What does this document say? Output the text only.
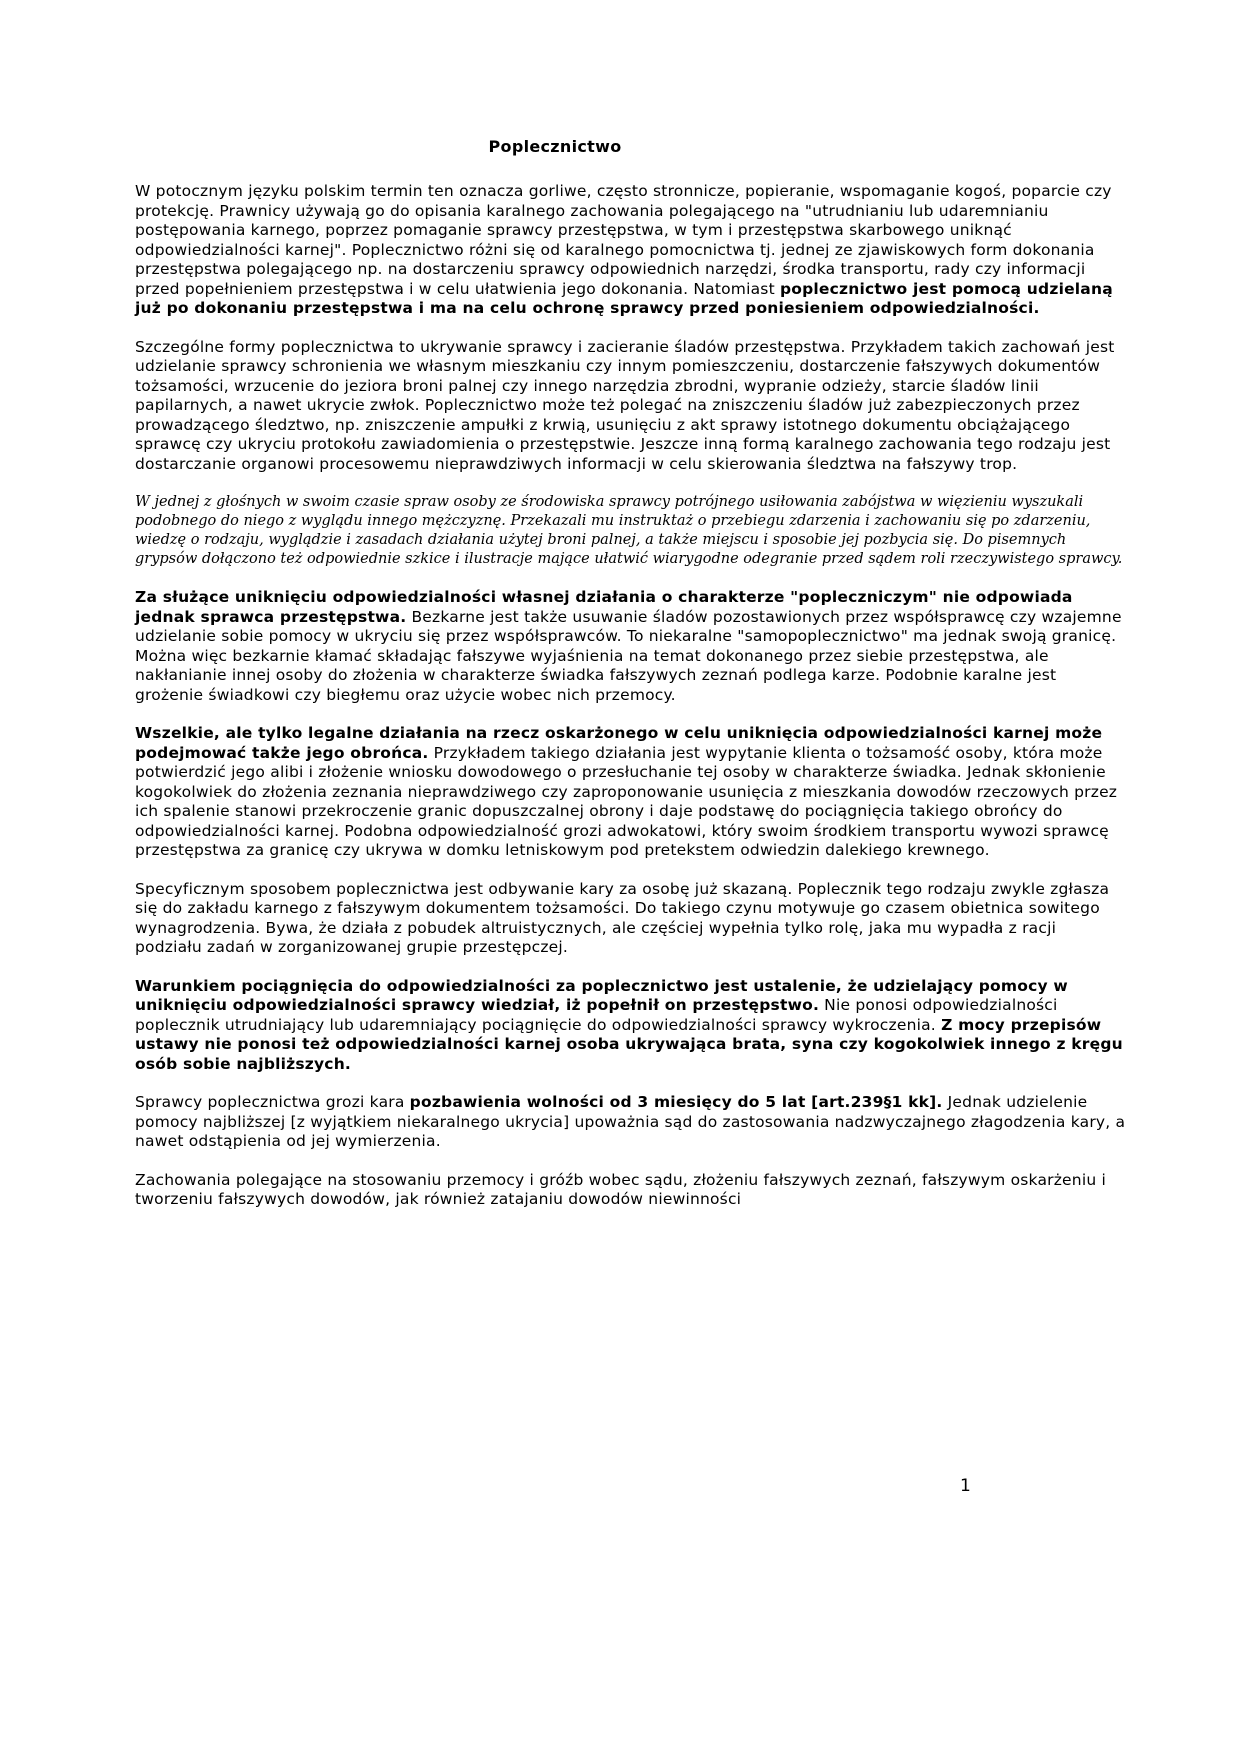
Poplecznictwo

W potocznym języku polskim termin ten oznacza gorliwe, często stronnicze, popieranie, wspomaganie kogoś, poparcie czy protekcję. Prawnicy używają go do opisania karalnego zachowania polegającego na "utrudnianiu lub udaremnianiu postępowania karnego, poprzez pomaganie sprawcy przestępstwa, w tym i przestępstwa skarbowego uniknąć odpowiedzialności karnej". Poplecznictwo różni się od karalnego pomocnictwa tj. jednej ze zjawiskowych form dokonania przestępstwa polegającego np. na dostarczeniu sprawcy odpowiednich narzędzi, środka transportu, rady czy informacji przed popełnieniem przestępstwa i w celu ułatwienia jego dokonania. Natomiast poplecznictwo jest pomocą udzielaną już po dokonaniu przestępstwa i ma na celu ochronę sprawcy przed poniesieniem odpowiedzialności.

Szczególne formy poplecznictwa to ukrywanie sprawcy i zacieranie śladów przestępstwa. Przykładem takich zachowań jest udzielanie sprawcy schronienia we własnym mieszkaniu czy innym pomieszczeniu, dostarczenie fałszywych dokumentów tożsamości, wrzucenie do jeziora broni palnej czy innego narzędzia zbrodni, wypranie odzieży, starcie śladów linii papilarnych, a nawet ukrycie zwłok. Poplecznictwo może też polegać na zniszczeniu śladów już zabezpieczonych przez prowadzącego śledztwo, np. zniszczenie ampułki z krwią, usunięciu z akt sprawy istotnego dokumentu obciążającego sprawcę czy ukryciu protokołu zawiadomienia o przestępstwie. Jeszcze inną formą karalnego zachowania tego rodzaju jest dostarczanie organowi procesowemu nieprawdziwych informacji w celu skierowania śledztwa na fałszywy trop.

W jednej z głośnych w swoim czasie spraw osoby ze środowiska sprawcy potrójnego usiłowania zabójstwa w więzieniu wyszukali podobnego do niego z wyglądu innego mężczyznę. Przekazali mu instruktaż o przebiegu zdarzenia i zachowaniu się po zdarzeniu, wiedzę o rodzaju, wyglądzie i zasadach działania użytej broni palnej, a także miejscu i sposobie jej pozbycia się. Do pisemnych grypsów dołączono też odpowiednie szkice i ilustracje mające ułatwić wiarygodne odegranie przed sądem roli rzeczywistego sprawcy.

Za służące uniknięciu odpowiedzialności własnej działania o charakterze "popleczniczym" nie odpowiada jednak sprawca przestępstwa. Bezkarne jest także usuwanie śladów pozostawionych przez współsprawcę czy wzajemne udzielanie sobie pomocy w ukryciu się przez współsprawców. To niekaralne "samopoplecznictwo" ma jednak swoją granicę. Można więc bezkarnie kłamać składając fałszywe wyjaśnienia na temat dokonanego przez siebie przestępstwa, ale nakłanianie innej osoby do złożenia w charakterze świadka fałszywych zeznań podlega karze. Podobnie karalne jest grożenie świadkowi czy biegłemu oraz użycie wobec nich przemocy.

Wszelkie, ale tylko legalne działania na rzecz oskarżonego w celu uniknięcia odpowiedzialności karnej może podejmować także jego obrońca. Przykładem takiego działania jest wypytanie klienta o tożsamość osoby, która może potwierdzić jego alibi i złożenie wniosku dowodowego o przesłuchanie tej osoby w charakterze świadka. Jednak skłonienie kogokolwiek do złożenia zeznania nieprawdziwego czy zaproponowanie usunięcia z mieszkania dowodów rzeczowych przez ich spalenie stanowi przekroczenie granic dopuszczalnej obrony i daje podstawę do pociągnięcia takiego obrońcy do odpowiedzialności karnej. Podobna odpowiedzialność grozi adwokatowi, który swoim środkiem transportu wywozi sprawcę przestępstwa za granicę czy ukrywa w domku letniskowym pod pretekstem odwiedzin dalekiego krewnego.

Specyficznym sposobem poplecznictwa jest odbywanie kary za osobę już skazaną. Poplecznik tego rodzaju zwykle zgłasza się do zakładu karnego z fałszywym dokumentem tożsamości. Do takiego czynu motywuje go czasem obietnica sowitego wynagrodzenia. Bywa, że działa z pobudek altruistycznych, ale częściej wypełnia tylko rolę, jaka mu wypadła z racji podziału zadań w zorganizowanej grupie przestępczej.

Warunkiem pociągnięcia do odpowiedzialności za poplecznictwo jest ustalenie, że udzielający pomocy w uniknięciu odpowiedzialności sprawcy wiedział, iż popełnił on przestępstwo. Nie ponosi odpowiedzialności poplecznik utrudniający lub udaremniający pociągnięcie do odpowiedzialności sprawcy wykroczenia. Z mocy przepisów ustawy nie ponosi też odpowiedzialności karnej osoba ukrywająca brata, syna czy kogokolwiek innego z kręgu osób sobie najbliższych.

Sprawcy poplecznictwa grozi kara pozbawienia wolności od 3 miesięcy do 5 lat [art.239§1 kk]. Jednak udzielenie pomocy najbliższej [z wyjątkiem niekaralnego ukrycia] upoważnia sąd do zastosowania nadzwyczajnego złagodzenia kary, a nawet odstąpienia od jej wymierzenia.

Zachowania polegające na stosowaniu przemocy i gróźb wobec sądu, złożeniu fałszywych zeznań, fałszywym oskarżeniu i tworzeniu fałszywych dowodów, jak również zatajaniu dowodów niewinności

1
